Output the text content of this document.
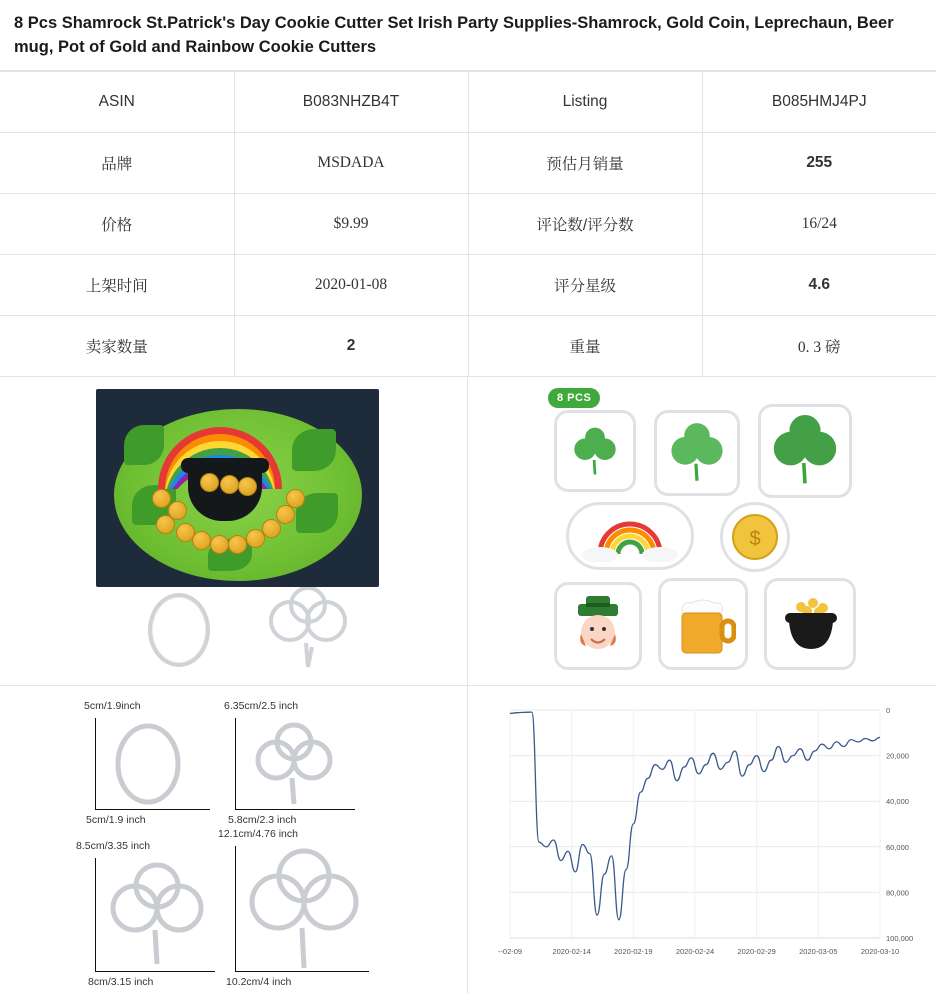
8 Pcs Shamrock St.Patrick's Day Cookie Cutter Set Irish Party Supplies-Shamrock, Gold Coin, Leprechaun, Beer mug, Pot of Gold and Rainbow Cookie Cutters
ASIN	B083NHZB4T	Listing	B085HMJ4PJ
品牌	MSDADA	预估月销量	255
价格	$9.99	评论数/评分数	16/24
上架时间	2020-01-08	评分星级	4.6
卖家数量	2	重量	0. 3 磅
8 PCS
$
5cm/1.9inch
5cm/1.9 inch
6.35cm/2.5 inch
5.8cm/2.3 inch
8.5cm/3.35 inch
8cm/3.15 inch
12.1cm/4.76 inch
10.2cm/4 inch
0
20,000
40,000
60,000
80,000
100,000
--02-09	2020-02-14	2020-02-19	2020-02-24	2020-02-29	2020-03-05	2020-03-10
